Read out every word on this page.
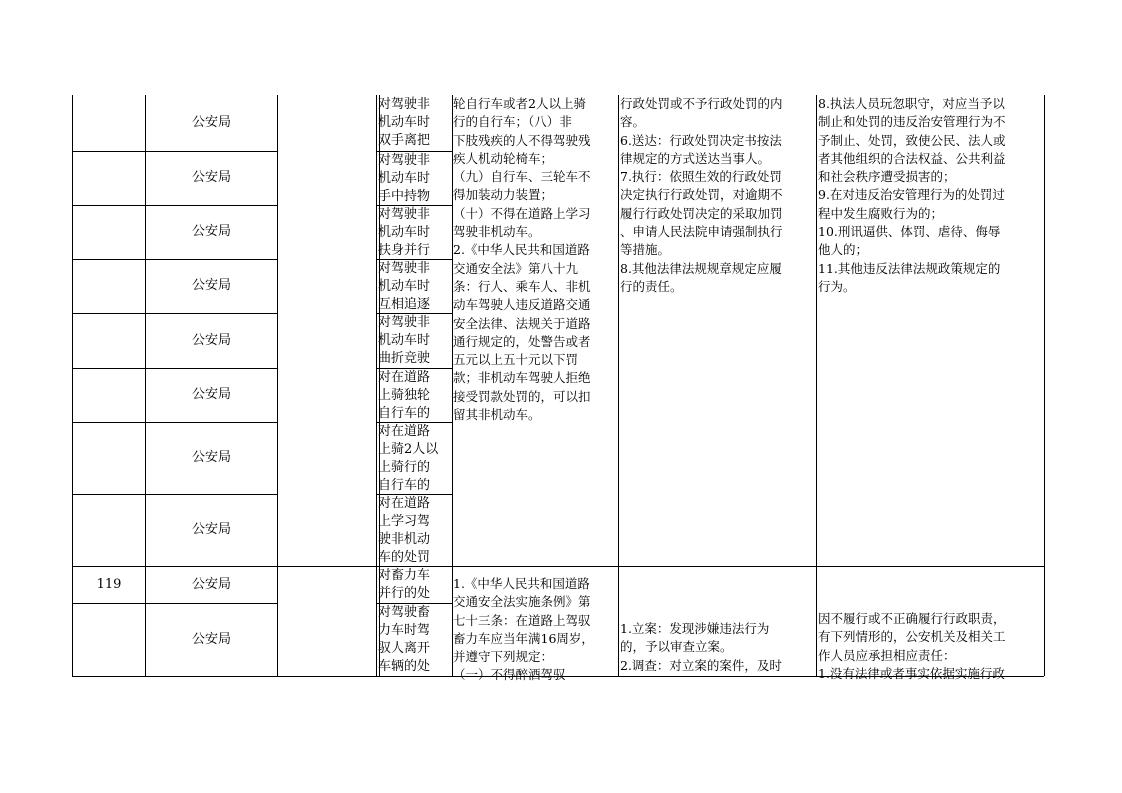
公安局
公安局
公安局
公安局
公安局
公安局
公安局
公安局
119	公安局
公安局
对驾驶非
机动车时
双手离把
对驾驶非
机动车时
手中持物
对驾驶非
机动车时
扶身并行
对驾驶非
机动车时
互相追逐
对驾驶非
机动车时
曲折竞驶
对在道路
上骑独轮
自行车的
对在道路
上骑2人以
上骑行的
自行车的
对在道路
上学习驾
驶非机动
车的处罚
对畜力车
并行的处
对驾驶畜
力车时驾
驭人离开
车辆的处
轮自行车或者2人以上骑
行的自行车；（八）非
下肢残疾的人不得驾驶残
疾人机动轮椅车；
（九）自行车、三轮车不
得加装动力装置；
（十）不得在道路上学习
驾驶非机动车。
2.《中华人民共和国道路
交通安全法》第八十九
条：行人、乘车人、非机
动车驾驶人违反道路交通
安全法律、法规关于道路
通行规定的，处警告或者
五元以上五十元以下罚
款；非机动车驾驶人拒绝
接受罚款处罚的，可以扣
留其非机动车。
行政处罚或不予行政处罚的内
容。
6.送达：行政处罚决定书按法
律规定的方式送达当事人。
7.执行：依照生效的行政处罚
决定执行行政处罚，对逾期不
履行行政处罚决定的采取加罚
、申请人民法院申请强制执行
等措施。
8.其他法律法规规章规定应履
行的责任。
8.执法人员玩忽职守，对应当予以
制止和处罚的违反治安管理行为不
予制止、处罚，致使公民、法人或
者其他组织的合法权益、公共利益
和社会秩序遭受损害的；
9.在对违反治安管理行为的处罚过
程中发生腐败行为的；
10.刑讯逼供、体罚、虐待、侮辱
他人的；
11.其他违反法律法规政策规定的
行为。
1.《中华人民共和国道路
交通安全法实施条例》第
七十三条：在道路上驾驭
畜力车应当年满16周岁，
并遵守下列规定：
（一）不得醉酒驾驭
1.立案：发现涉嫌违法行为
的，予以审查立案。
2.调查：对立案的案件，及时
因不履行或不正确履行行政职责，
有下列情形的，公安机关及相关工
作人员应承担相应责任：
1.没有法律或者事实依据实施行政
